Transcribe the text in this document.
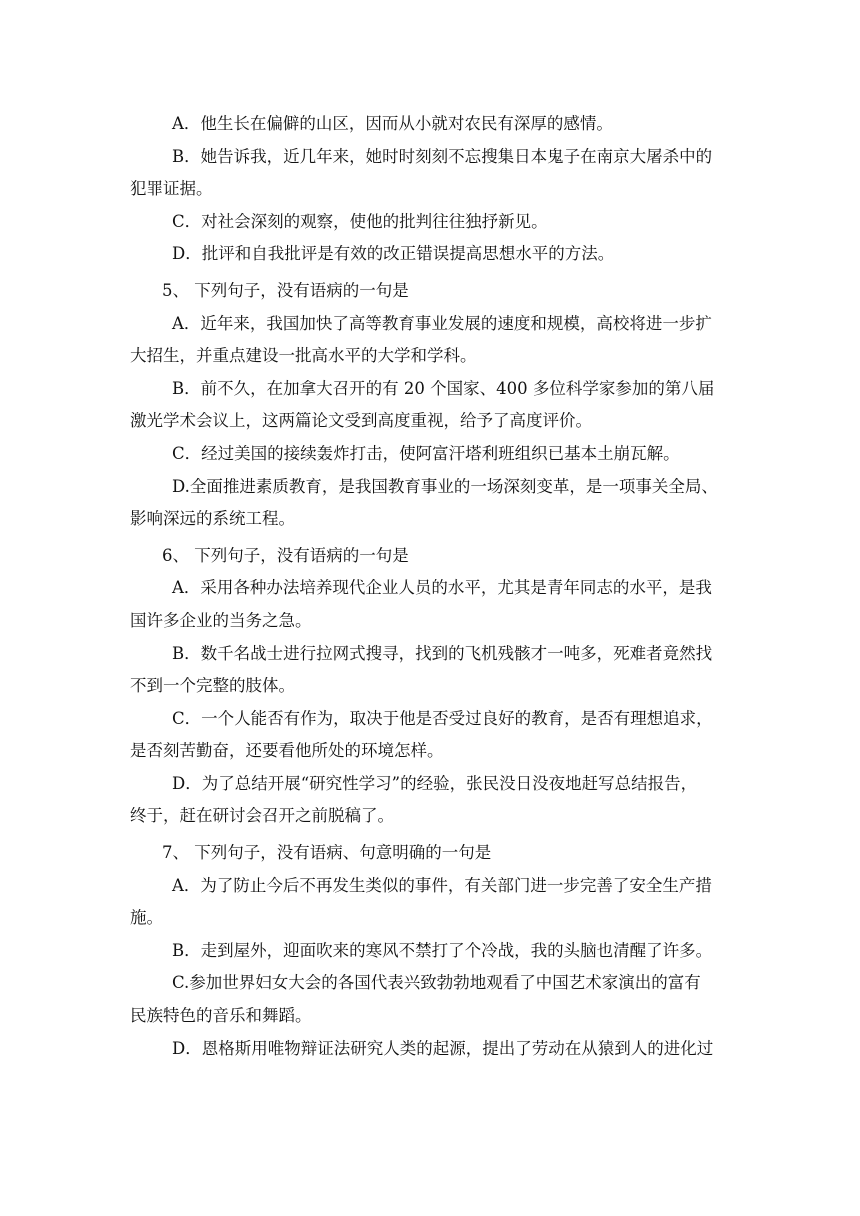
A．他生长在偏僻的山区，因而从小就对农民有深厚的感情。

B．她告诉我，近几年来，她时时刻刻不忘搜集日本鬼子在南京大屠杀中的

犯罪证据。

C．对社会深刻的观察，使他的批判往往独抒新见。

D．批评和自我批评是有效的改正错误提高思想水平的方法。

5、 下列句子，没有语病的一句是

A．近年来，我国加快了高等教育事业发展的速度和规模，高校将进一步扩

大招生，并重点建设一批高水平的大学和学科。

B．前不久，在加拿大召开的有 20 个国家、400 多位科学家参加的第八届

激光学术会议上，这两篇论文受到高度重视，给予了高度评价。

C．经过美国的接续轰炸打击，使阿富汗塔利班组织已基本土崩瓦解。

D.全面推进素质教育，是我国教育事业的一场深刻变革，是一项事关全局、

影响深远的系统工程。

6、 下列句子，没有语病的一句是

A．采用各种办法培养现代企业人员的水平，尤其是青年同志的水平，是我

国许多企业的当务之急。

B．数千名战士进行拉网式搜寻，找到的飞机残骸才一吨多，死难者竟然找

不到一个完整的肢体。

C．一个人能否有作为，取决于他是否受过良好的教育，是否有理想追求，

是否刻苦勤奋，还要看他所处的环境怎样。

D．为了总结开展“研究性学习”的经验，张民没日没夜地赶写总结报告，

终于，赶在研讨会召开之前脱稿了。

7、 下列句子，没有语病、句意明确的一句是

A．为了防止今后不再发生类似的事件，有关部门进一步完善了安全生产措

施。

B．走到屋外，迎面吹来的寒风不禁打了个冷战，我的头脑也清醒了许多。

C.参加世界妇女大会的各国代表兴致勃勃地观看了中国艺术家演出的富有

民族特色的音乐和舞蹈。

D．恩格斯用唯物辩证法研究人类的起源，提出了劳动在从猿到人的进化过
